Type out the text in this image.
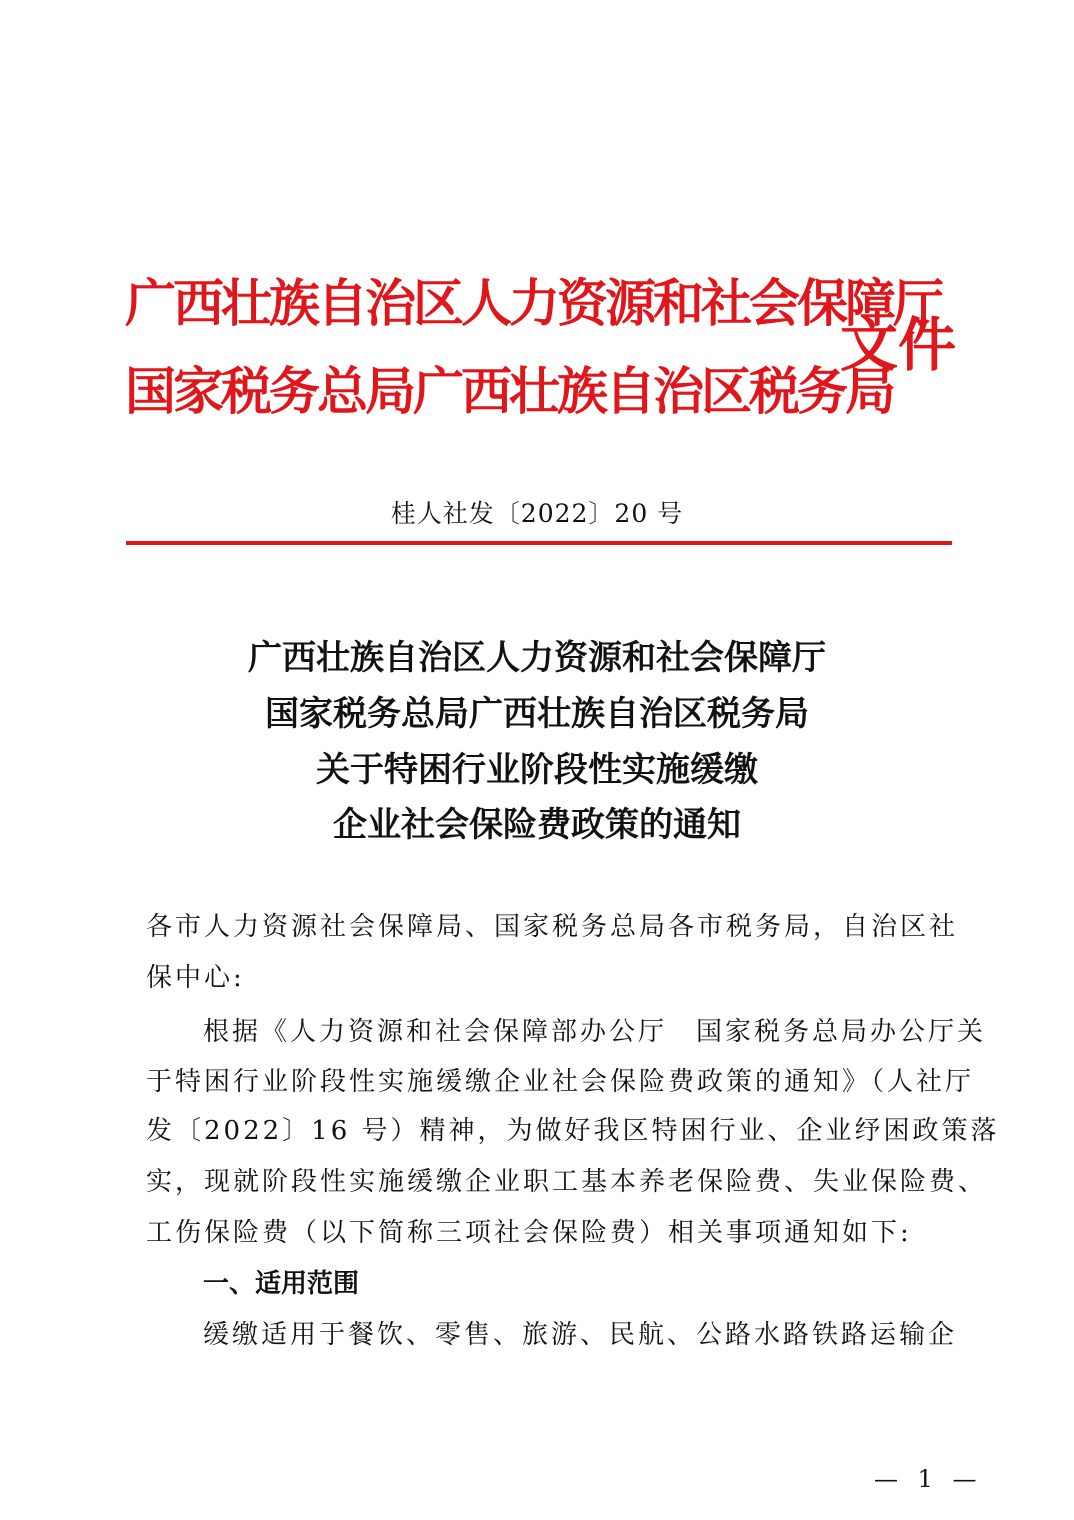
广西壮族自治区人力资源和社会保障厅
国家税务总局广西壮族自治区税务局
文件
桂人社发〔2022〕20 号
广西壮族自治区人力资源和社会保障厅
国家税务总局广西壮族自治区税务局
关于特困行业阶段性实施缓缴
企业社会保险费政策的通知
各市人力资源社会保障局、国家税务总局各市税务局，自治区社
保中心:
根据《人力资源和社会保障部办公厅　国家税务总局办公厅关
于特困行业阶段性实施缓缴企业社会保险费政策的通知》（人社厅
发〔2022〕16 号）精神，为做好我区特困行业、企业纾困政策落
实，现就阶段性实施缓缴企业职工基本养老保险费、失业保险费、
工伤保险费（以下简称三项社会保险费）相关事项通知如下:
一、适用范围
缓缴适用于餐饮、零售、旅游、民航、公路水路铁路运输企
— 1 —
